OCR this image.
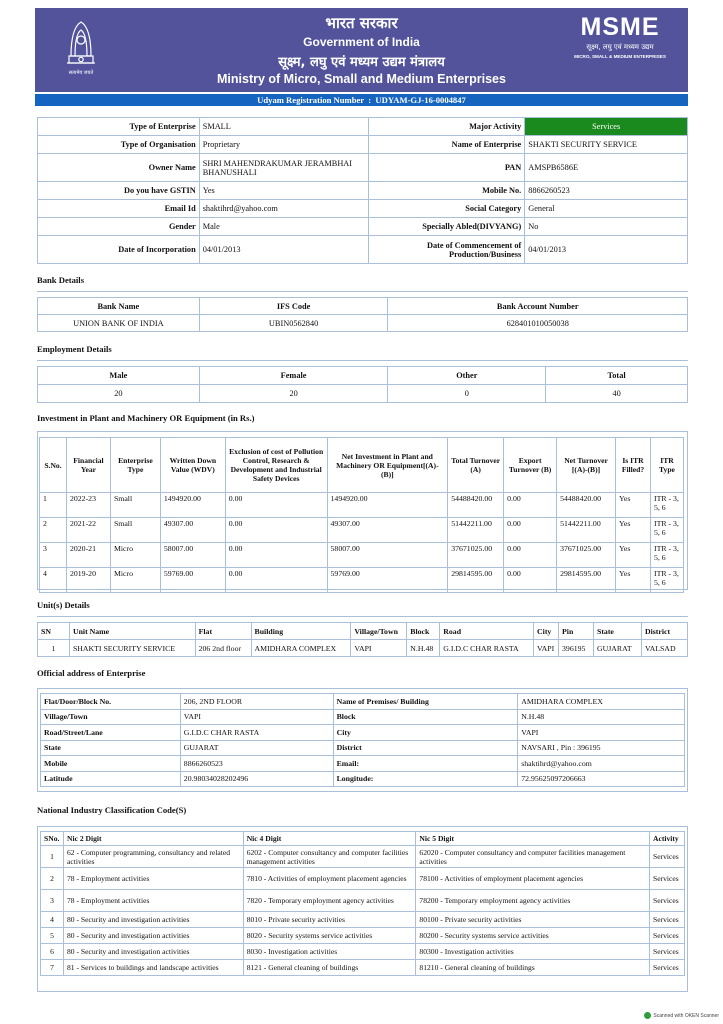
सत्यमेव जयते
भारत सरकार
Government of India
सूक्ष्म, लघु एवं मध्यम उद्यम मंत्रालय
Ministry of Micro, Small and Medium Enterprises
MSME
सूक्ष्म, लघु एवं मध्यम उद्यम
MICRO, SMALL & MEDIUM ENTERPRISES
Udyam Registration Number : UDYAM-GJ-16-0004847
Type of Enterprise	SMALL	Major Activity	Services
Type of Organisation	Proprietary	Name of Enterprise	SHAKTI SECURITY SERVICE
Owner Name	SHRI MAHENDRAKUMAR JERAMBHAI BHANUSHALI	PAN	AMSPB6586E
Do you have GSTIN	Yes	Mobile No.	8866260523
Email Id	shaktihrd@yahoo.com	Social Category	General
Gender	Male	Specially Abled(DIVYANG)	No
Date of Incorporation	04/01/2013	Date of Commencement of Production/Business	04/01/2013
Bank Details
Bank Name	IFS Code	Bank Account Number
UNION BANK OF INDIA	UBIN0562840	628401010050038
Employment Details
Male	Female	Other	Total
20	20	0	40
Investment in Plant and Machinery OR Equipment (in Rs.)
S.No.	Financial Year	Enterprise Type	Written Down Value (WDV)	Exclusion of cost of Pollution Control, Research & Development and Industrial Safety Devices	Net Investment in Plant and Machinery OR Equipment[(A)-(B)]	Total Turnover (A)	Export Turnover (B)	Net Turnover [(A)-(B)]	Is ITR Filled?	ITR Type
1	2022-23	Small	1494920.00	0.00	1494920.00	54488420.00	0.00	54488420.00	Yes	ITR - 3, 5, 6
2	2021-22	Small	49307.00	0.00	49307.00	51442211.00	0.00	51442211.00	Yes	ITR - 3, 5, 6
3	2020-21	Micro	58007.00	0.00	58007.00	37671025.00	0.00	37671025.00	Yes	ITR - 3, 5, 6
4	2019-20	Micro	59769.00	0.00	59769.00	29814595.00	0.00	29814595.00	Yes	ITR - 3, 5, 6
Unit(s) Details
SN	Unit Name	Flat	Building	Village/Town	Block	Road	City	Pin	State	District
1	SHAKTI SECURITY SERVICE	206 2nd floor	AMIDHARA COMPLEX	VAPI	N.H.48	G.I.D.C CHAR RASTA	VAPI	396195	GUJARAT	VALSAD
Official address of Enterprise
Flat/Door/Block No.	206, 2ND FLOOR	Name of Premises/ Building	AMIDHARA COMPLEX
Village/Town	VAPI	Block	N.H.48
Road/Street/Lane	G.I.D.C CHAR RASTA	City	VAPI
State	GUJARAT	District	NAVSARI , Pin : 396195
Mobile	8866260523	Email:	shaktihrd@yahoo.com
Latitude	20.98034028202496	Longitude:	72.95625097206663
National Industry Classification Code(S)
SNo.	Nic 2 Digit	Nic 4 Digit	Nic 5 Digit	Activity
1	62 - Computer programming, consultancy and related activities	6202 - Computer consultancy and computer facilities management activities	62020 - Computer consultancy and computer facilities management activities	Services
2	78 - Employment activities	7810 - Activities of employment placement agencies	78100 - Activities of employment placement agencies	Services
3	78 - Employment activities	7820 - Temporary employment agency activities	78200 - Temporary employment agency activities	Services
4	80 - Security and investigation activities	8010 - Private security activities	80100 - Private security activities	Services
5	80 - Security and investigation activities	8020 - Security systems service activities	80200 - Security systems service activities	Services
6	80 - Security and investigation activities	8030 - Investigation activities	80300 - Investigation activities	Services
7	81 - Services to buildings and landscape activities	8121 - General cleaning of buildings	81210 - General cleaning of buildings	Services
Scanned with OKEN Scanner
